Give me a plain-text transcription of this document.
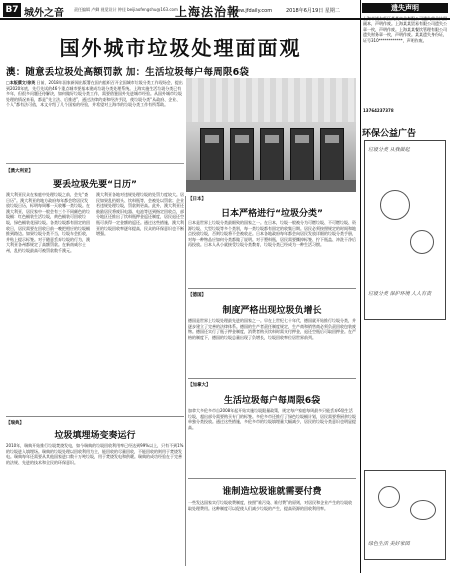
B7 城外之音	责任编辑 卢卿 视觉设计 钟佳 beijiaofengshu@163.com
上海法治報
www.jfdaily.com	2018年6月19日 星期二
国外城市垃圾处理面面观
澳：随意丢垃圾处高额罚款 加：生活垃圾每户每周限6袋
□本版撰文/徐英 日前，2018年国家新闻出版署在国内组织召开全国城市垃圾分类工作现场会，提出到2020年底，先行先试的46个重点城市要基本建成垃圾分类处理系统。上海实施生活垃圾分类已有多年，但很多问题还待解决，如何做好垃圾分类工作，需要借鉴国外先进城市经验。从国外城市垃圾处理的情况来看，都是“先立法、后推进”，通过法律约束和经济手段，使垃圾分类“从政府、企业、个人”都有法可依，本文介绍了几个国家的经验，并希望对上海市的垃圾分类工作有所帮助。
【澳大利亚】
要丢垃圾先要“日历”
澳大利亚民众在家庭中处理垃圾之前，会先“查日历”。澳大利亚的地方政府每年都会给居民发放垃圾日历，标明每周哪一天收哪一类垃圾。在澳大利亚，居民家中一般会有三个不同颜色的垃圾桶：红色桶装生活垃圾，黄色桶装可回收垃圾，绿色桶装花园垃圾。各类垃圾都有固定的回收日，居民需要在回收日前一晚把相应的垃圾桶推到路边。如果垃圾分类不当，垃圾车会拒收，并贴上提示标签。对于随意丢弃垃圾的行为，澳大利亚各州都规定了高额罚款。在新南威尔士州，乱扔垃圾最高可被罚款数千澳元。
澳大利亚各地对违规处理垃圾的处罚力度较大。居民如果乱扔烟头、饮料瓶等，会被处以罚款；企业若违规处理垃圾，罚款则更高。此外，澳大利亚还鼓励居民将废旧电器、电池等送到指定回收点，部分地区还推出了饮料瓶押金返还制度，居民退还空瓶可获得一定金额的返还。通过这些措施，澳大利亚的垃圾回收率逐年提高，民众的环保意识也不断增强。
【日本】
日本严格进行“垃圾分类”
日本是世界上垃圾分类最细致的国家之一。在日本，垃圾一般被分为可燃垃圾、不可燃垃圾、资源垃圾、大型垃圾等多个类别，每一类垃圾都有固定的收集日期。居民必须按照规定的时间和地点投放垃圾，否则垃圾将不会被收走。日本各地政府每年都会向居民发放详细的垃圾分类手册，对每一种物品应如何分类都做了说明。对于塑料瓶，居民需要撕掉标签、拧下瓶盖、冲洗干净后再投放。日本人从小就接受垃圾分类教育，垃圾分类已经成为一种生活习惯。
【德国】
制度严格出现垃圾负增长
德国是世界上垃圾处理最先进的国家之一。早在上世纪七十年代，德国就开始推行垃圾分类，并逐步建立了完善的法律体系。德国的生产者责任制度规定，生产商和销售商必须负责回收包装废物。德国还实行了瓶子押金制度，消费者购买饮料时需支付押金，退还空瓶后可取回押金。在严格的制度下，德国的垃圾总量出现了负增长，垃圾回收率位居世界前列。
【加拿大】
生活垃圾每户每周限6袋
加拿大多伦多市自2008年起开始实施垃圾限量政策，规定每户家庭每周最多只能丢弃6袋生活垃圾，超出部分需要购买专门的标签。多伦多市还推行了绿色垃圾桶计划，居民需要将厨余垃圾单独分类投放。通过这些措施，多伦多市的垃圾填埋量大幅减少，居民的垃圾分类意识也明显提高。
【瑞典】
垃圾填埋场变奏运行
2010年，瑞典开始推行垃圾焚烧发电，如今瑞典的垃圾回收利用率已经达到99%以上，只有不到1%的垃圾进入填埋场。瑞典的垃圾处理以回收利用为主，能回收的尽量回收，不能回收的则用于焚烧发电。瑞典每年还需要从其他国家进口数十万吨垃圾，用于焚烧发电和供暖。瑞典的成功经验在于完善的法规、先进的技术和全民的环保意识。
谁制造垃圾谁就需要付费
一些发达国家实行垃圾收费制度，按照“谁污染、谁付费”的原则，对居民和企业产生的垃圾收取处理费用。这种制度可以促使人们减少垃圾的产生，提高资源的回收利用率。
遗失声明
上海市浦东新区某某实业有限公司遗失营业执照副本，声明作废。上海某某贸易有限公司遗失公章一枚，声明作废。上海某某餐饮管理有限公司遗失财务章一枚，声明作废。某某遗失身份证，证号310************，声明作废。
13764237378
环保公益广告
垃圾分类 从我做起
垃圾分类 保护环境 人人有责
绿色生活 美好家园
